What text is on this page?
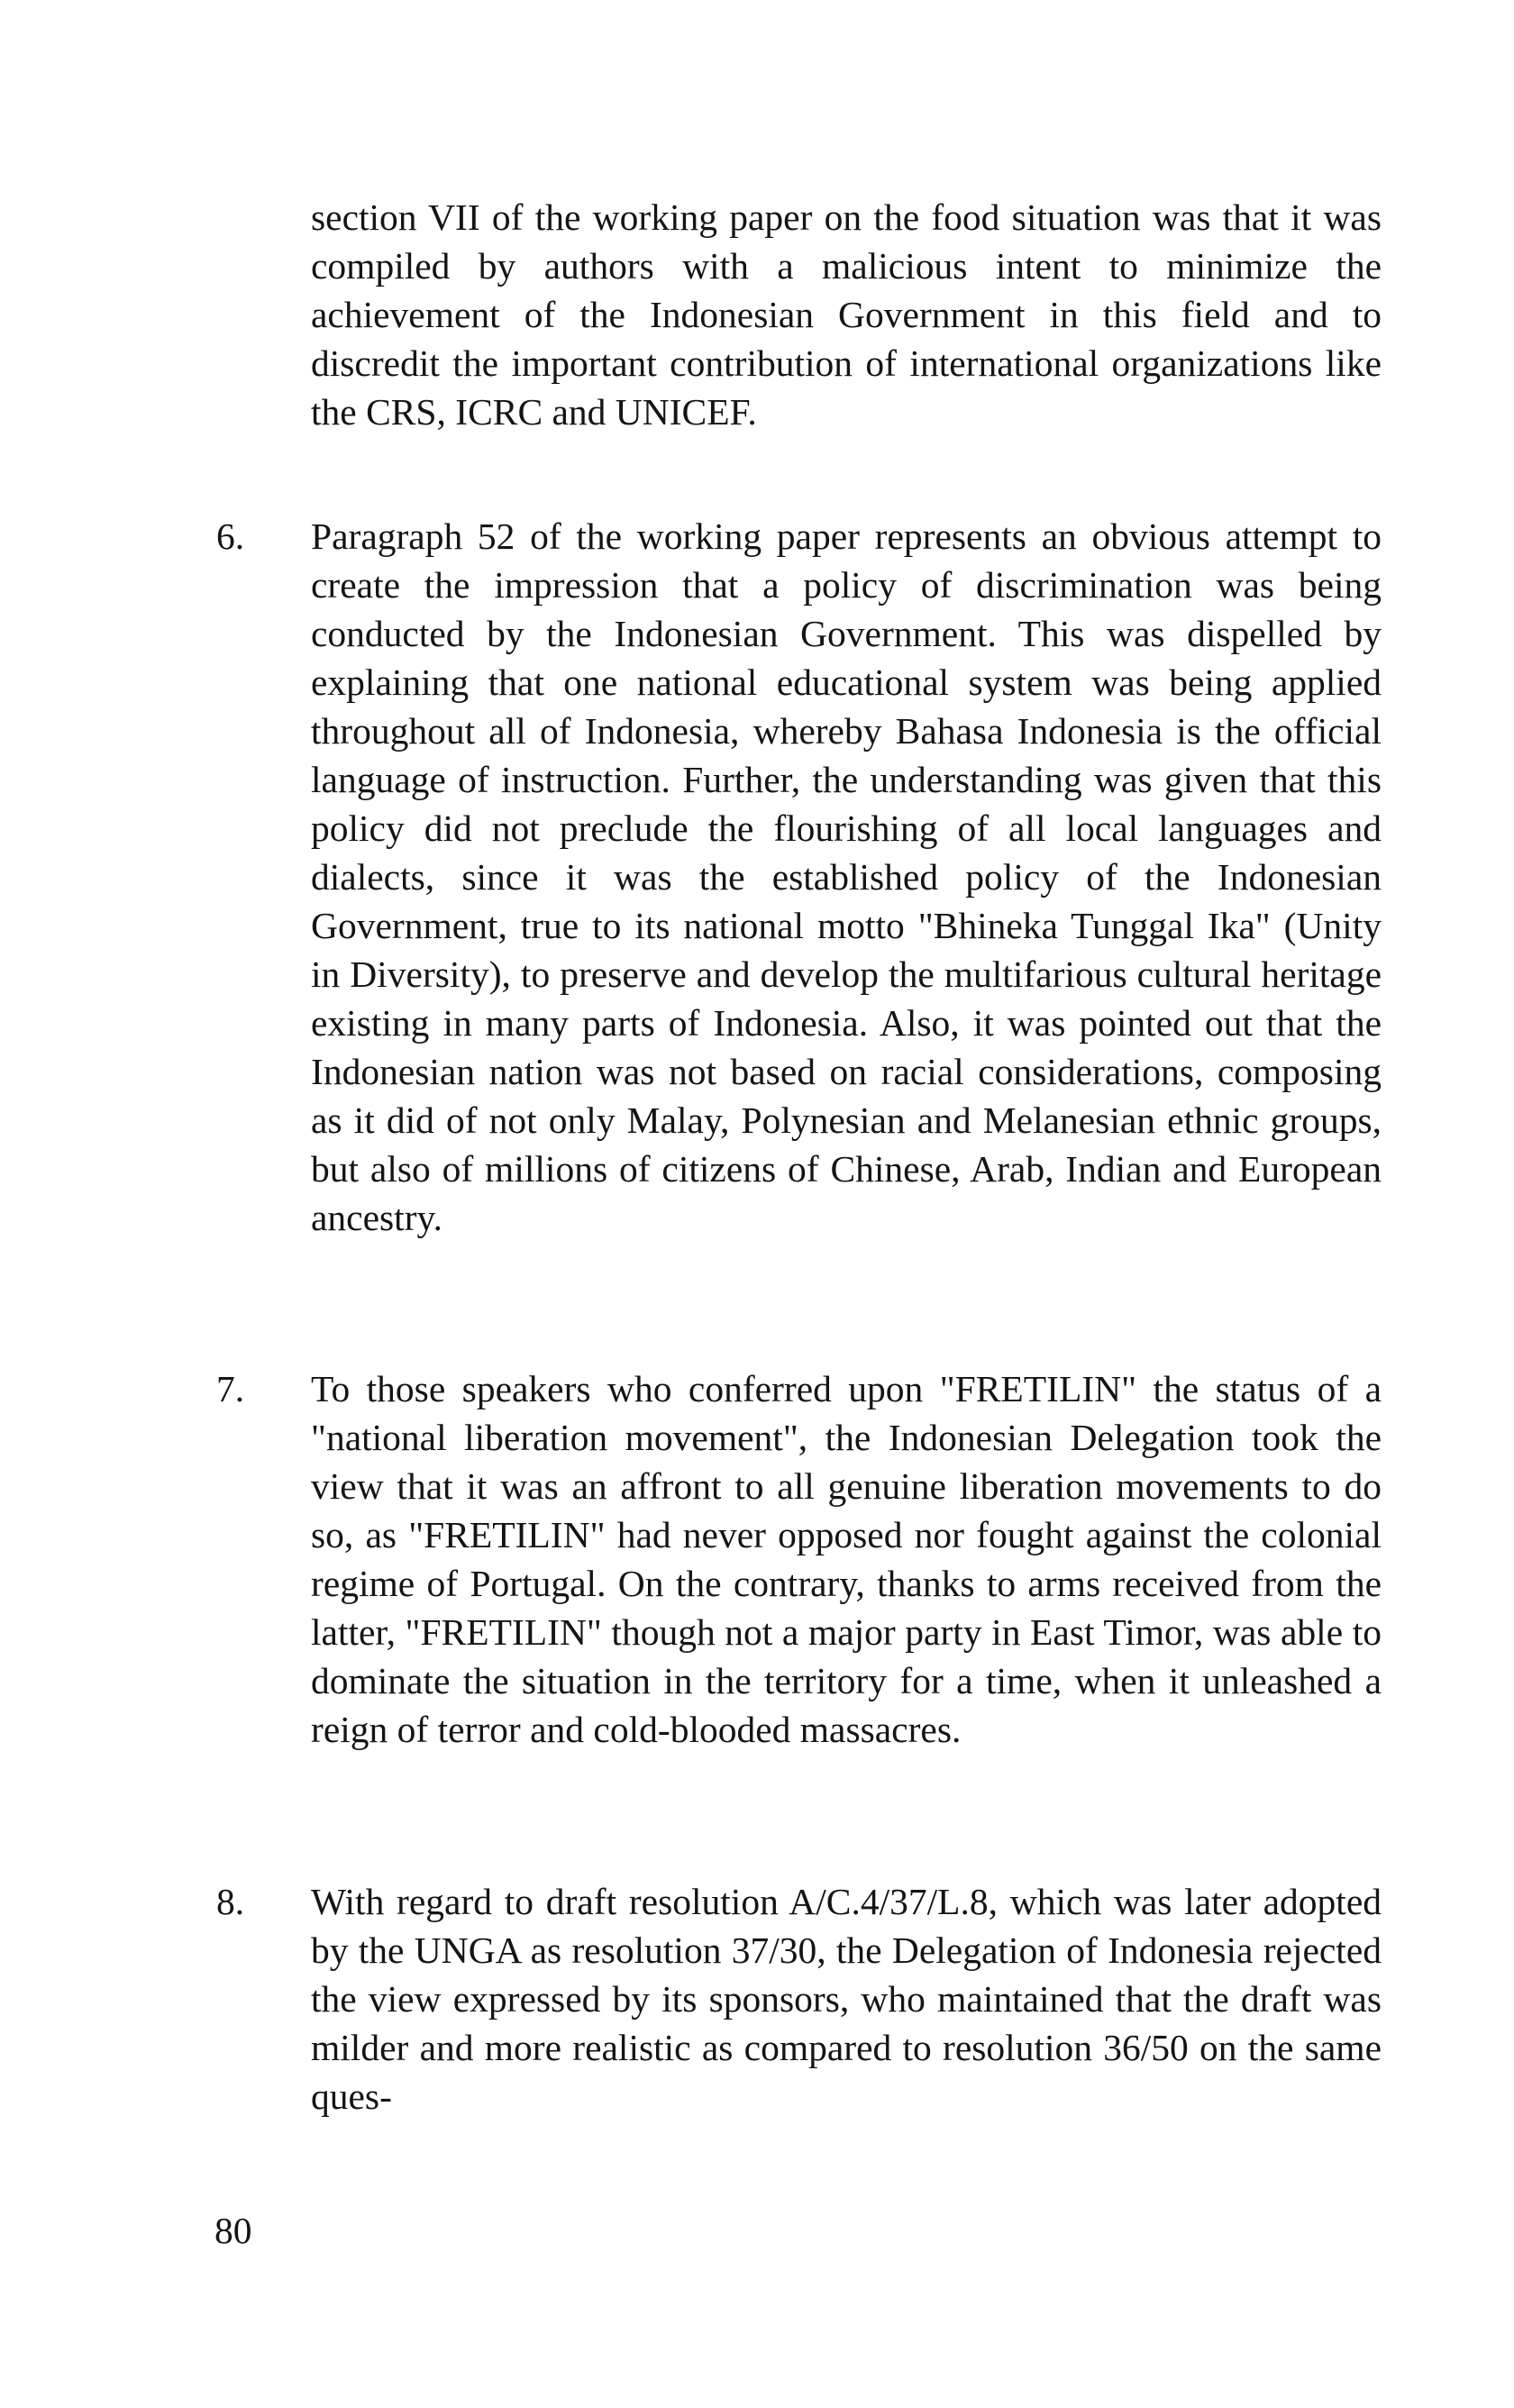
section VII of the working paper on the food situation was that it was compiled by authors with a malicious intent to minimize the achievement of the Indonesian Government in this field and to discredit the important contribution of international organizations like the CRS, ICRC and UNICEF.

6.	Paragraph 52 of the working paper represents an obvious attempt to create the impression that a policy of discrimination was being conducted by the Indonesian Government. This was dispelled by explaining that one national educational system was being applied throughout all of Indonesia, whereby Bahasa Indonesia is the official language of instruction. Further, the understanding was given that this policy did not preclude the flourishing of all local languages and dialects, since it was the established policy of the Indonesian Government, true to its national motto "Bhineka Tunggal Ika" (Unity in Diversity), to preserve and develop the multifarious cultural heritage existing in many parts of Indonesia. Also, it was pointed out that the Indonesian nation was not based on racial considerations, composing as it did of not only Malay, Polynesian and Melanesian ethnic groups, but also of millions of citizens of Chinese, Arab, Indian and European ancestry.
7.	To those speakers who conferred upon "FRETILIN" the status of a "national liberation movement", the Indonesian Delegation took the view that it was an affront to all genuine liberation movements to do so, as "FRETILIN" had never opposed nor fought against the colonial regime of Portugal. On the contrary, thanks to arms received from the latter, "FRETILIN" though not a major party in East Timor, was able to dominate the situation in the territory for a time, when it unleashed a reign of terror and cold-blooded massacres.
8.	With regard to draft resolution A/C.4/37/L.8, which was later adopted by the UNGA as resolution 37/30, the Delegation of Indonesia rejected the view expressed by its sponsors, who maintained that the draft was milder and more realistic as compared to resolution 36/50 on the same ques-
80
